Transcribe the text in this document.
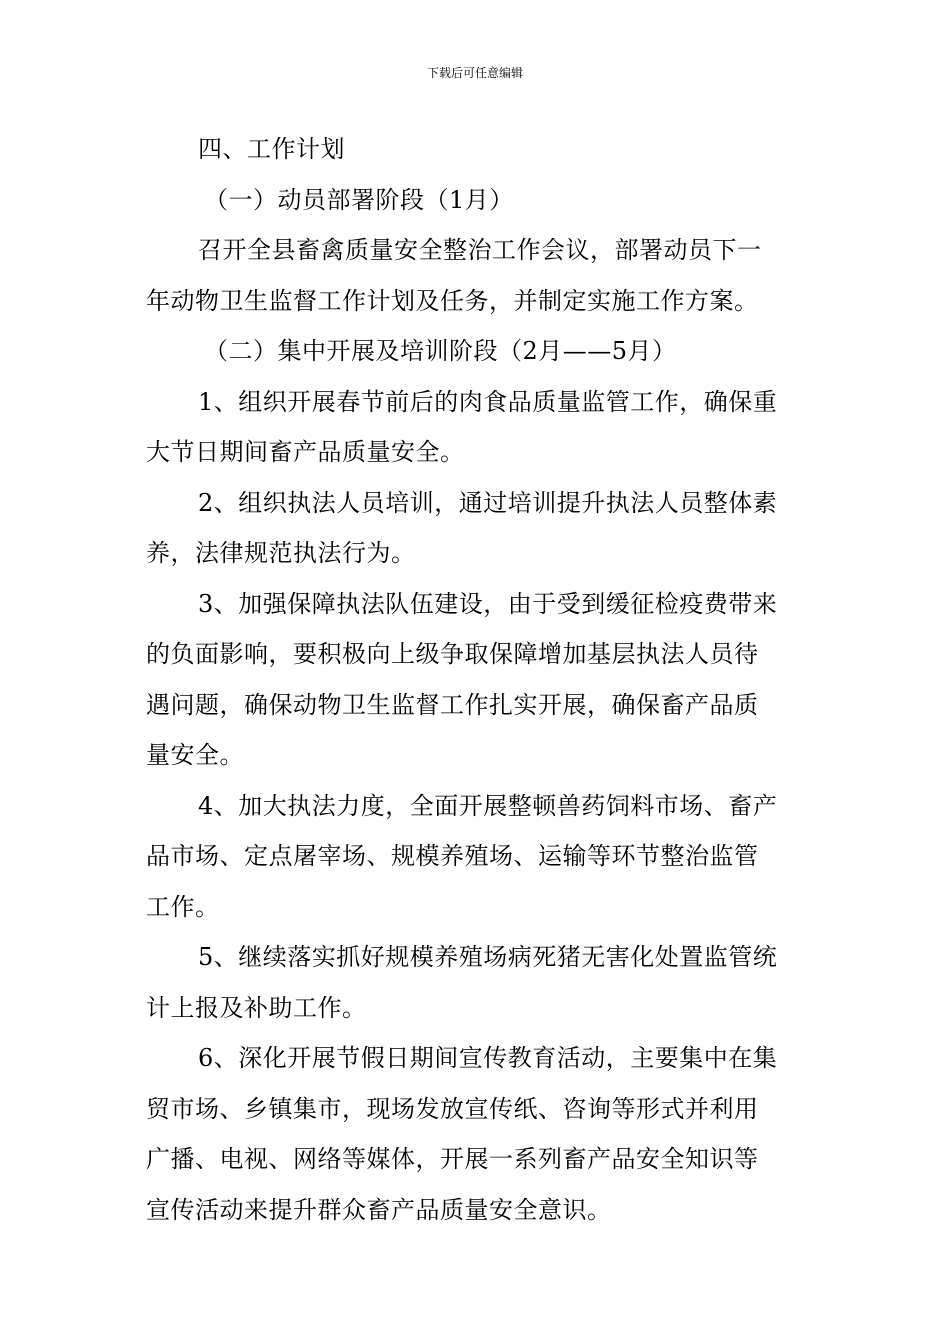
下载后可任意编辑
四、工作计划
（一）动员部署阶段（1月）
召开全县畜禽质量安全整治工作会议，部署动员下一
年动物卫生监督工作计划及任务，并制定实施工作方案。
（二）集中开展及培训阶段（2月——5月）
1、组织开展春节前后的肉食品质量监管工作，确保重
大节日期间畜产品质量安全。
2、组织执法人员培训，通过培训提升执法人员整体素
养，法律规范执法行为。
3、加强保障执法队伍建设，由于受到缓征检疫费带来
的负面影响，要积极向上级争取保障增加基层执法人员待
遇问题，确保动物卫生监督工作扎实开展，确保畜产品质
量安全。
4、加大执法力度，全面开展整顿兽药饲料市场、畜产
品市场、定点屠宰场、规模养殖场、运输等环节整治监管
工作。
5、继续落实抓好规模养殖场病死猪无害化处置监管统
计上报及补助工作。
6、深化开展节假日期间宣传教育活动，主要集中在集
贸市场、乡镇集市，现场发放宣传纸、咨询等形式并利用
广播、电视、网络等媒体，开展一系列畜产品安全知识等
宣传活动来提升群众畜产品质量安全意识。
